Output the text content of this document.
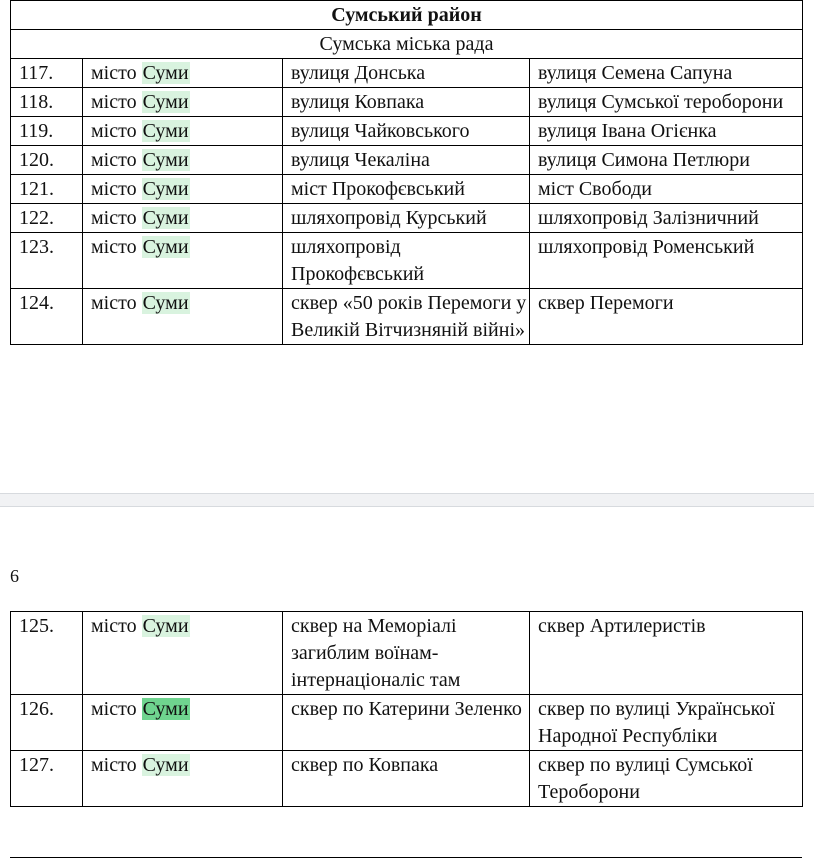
Сумський район			
Сумська міська рада			
117.	місто Суми	вулиця Донська	вулиця Семена Сапуна
118.	місто Суми	вулиця Ковпака	вулиця Сумської тероборони
119.	місто Суми	вулиця Чайковського	вулиця Івана Огієнка
120.	місто Суми	вулиця Чекаліна	вулиця Симона Петлюри
121.	місто Суми	міст Прокофєвський	міст Свободи
122.	місто Суми	шляхопровід Курський	шляхопровід Залізничний
123.	місто Суми	шляхопровід Прокофєвський	шляхопровід Роменський
124.	місто Суми	сквер «50 років Перемоги у Великій Вітчизняній війні»	сквер Перемоги
6
125.	місто Суми	сквер на Меморіалі загиблим воїнам-інтернаціоналіс там	сквер Артилеристів
126.	місто Суми	сквер по Катерини Зеленко	сквер по вулиці Української Народної Республіки
127.	місто Суми	сквер по Ковпака	сквер по вулиці Сумської Тероборони
